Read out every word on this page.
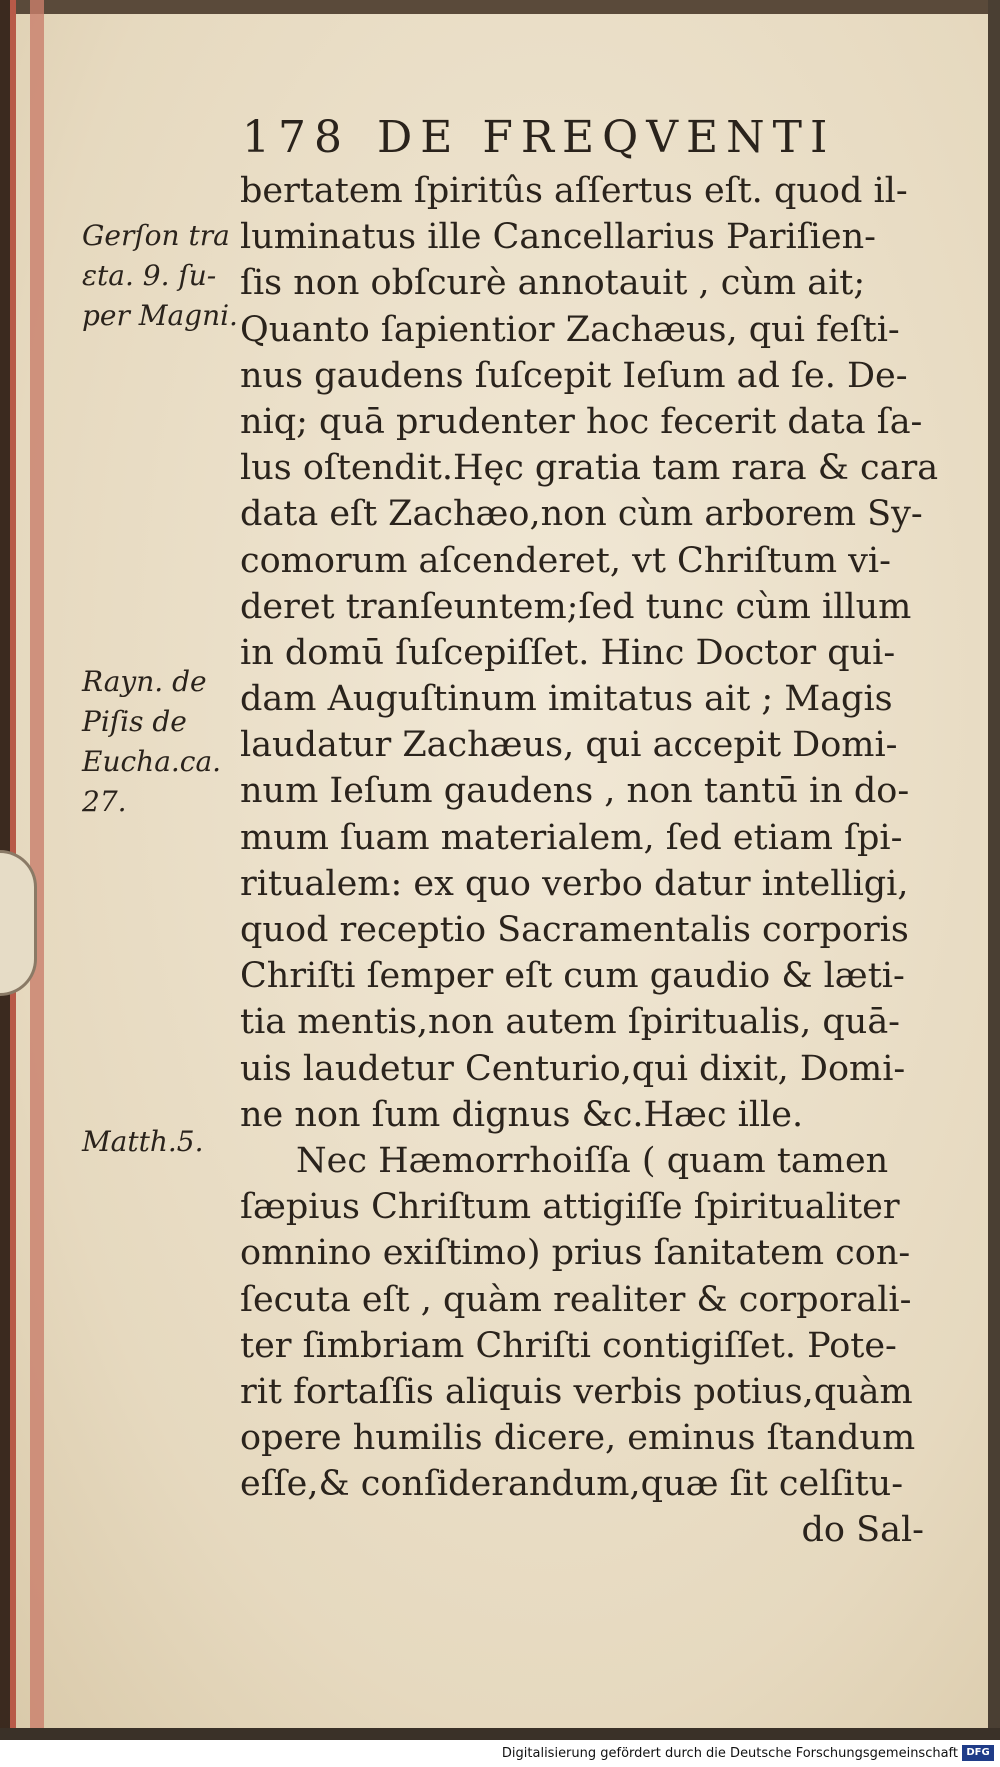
178 DE FREQVENTI
Gerſon tra
ɛta. 9. ſu-
per Magni.
Rayn. de
Piſis de
Eucha.ca.
27.
Matth.5.
bertatem ſpiritûs aſſertus eſt. quod il-
luminatus ille Cancellarius Pariſien-
ſis non obſcurè annotauit , cùm ait;
Quanto ſapientior Zachæus, qui feſti-
nus gaudens ſuſcepit Ieſum ad ſe. De-
niq; quā prudenter hoc fecerit data ſa-
lus oſtendit.Hęc gratia tam rara & cara
data eſt Zachæo,non cùm arborem Sy-
comorum aſcenderet, vt Chriſtum vi-
deret tranſeuntem;ſed tunc cùm illum
in domū ſuſcepiſſet. Hinc Doctor qui-
dam Auguſtinum imitatus ait ; Magis
laudatur Zachæus, qui accepit Domi-
num Ieſum gaudens , non tantū in do-
mum ſuam materialem, ſed etiam ſpi-
ritualem: ex quo verbo datur intelligi,
quod receptio Sacramentalis corporis
Chriſti ſemper eſt cum gaudio & læti-
tia mentis,non autem ſpiritualis, quā-
uis laudetur Centurio,qui dixit, Domi-
ne non ſum dignus &c.Hæc ille.
Nec Hæmorrhoiſſa ( quam tamen
ſæpius Chriſtum attigiſſe ſpiritualiter
omnino exiſtimo) prius ſanitatem con-
ſecuta eſt , quàm realiter & corporali-
ter ſimbriam Chriſti contigiſſet. Pote-
rit fortaſſis aliquis verbis potius,quàm
opere humilis dicere, eminus ſtandum
eſſe,& conſiderandum,quæ ſit celſitu-
do Sal-
Digitalisierung gefördert durch die Deutsche Forschungsgemeinschaft DFG
